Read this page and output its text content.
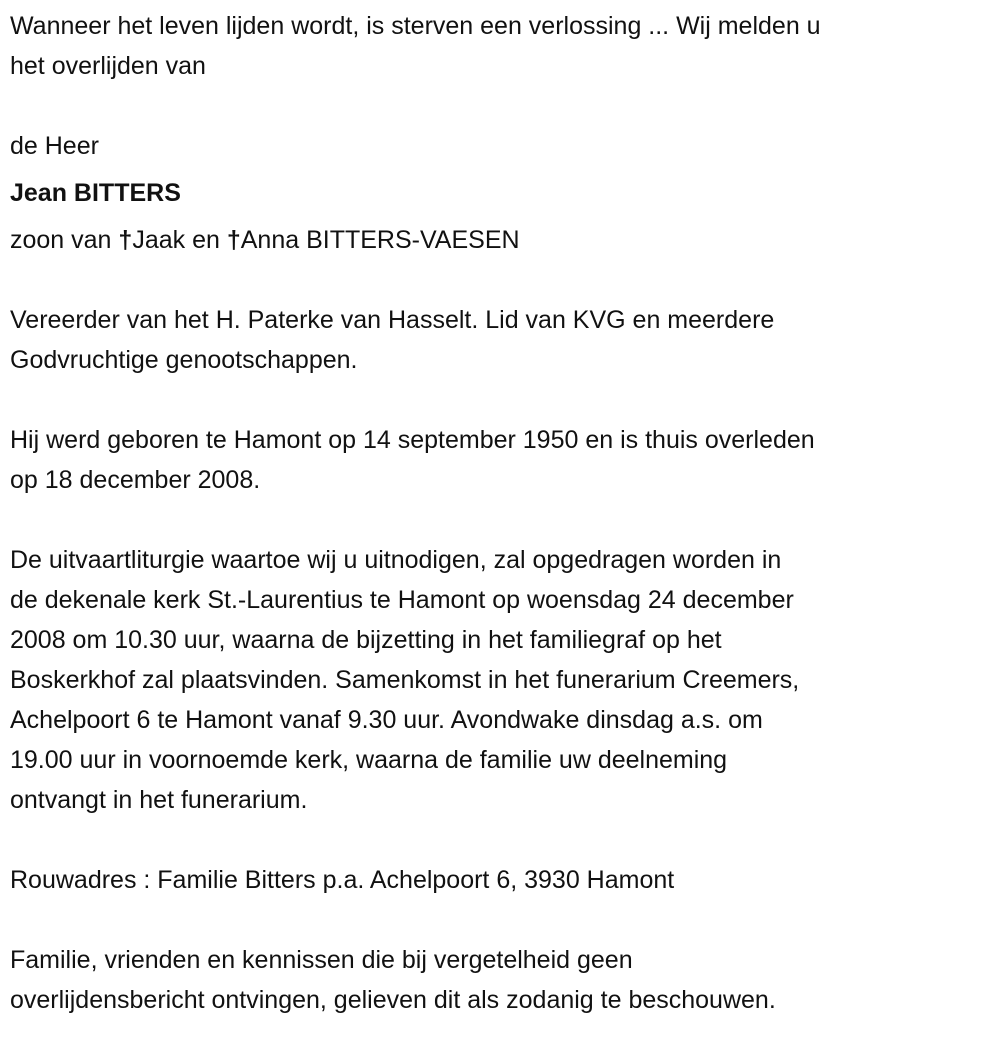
Wanneer het leven lijden wordt, is sterven een verlossing ... Wij melden u
het overlijden van
de Heer
Jean BITTERS
zoon van †Jaak en †Anna BITTERS-VAESEN
Vereerder van het H. Paterke van Hasselt. Lid van KVG en meerdere
Godvruchtige genootschappen.
Hij werd geboren te Hamont op 14 september 1950 en is thuis overleden
op 18 december 2008.
De uitvaartliturgie waartoe wij u uitnodigen, zal opgedragen worden in
de dekenale kerk St.-Laurentius te Hamont op woensdag 24 december
2008 om 10.30 uur, waarna de bijzetting in het familiegraf op het
Boskerkhof zal plaatsvinden. Samenkomst in het funerarium Creemers,
Achelpoort 6 te Hamont vanaf 9.30 uur. Avondwake dinsdag a.s. om
19.00 uur in voornoemde kerk, waarna de familie uw deelneming
ontvangt in het funerarium.
Rouwadres : Familie Bitters p.a. Achelpoort 6, 3930 Hamont
Familie, vrienden en kennissen die bij vergetelheid geen
overlijdensbericht ontvingen, gelieven dit als zodanig te beschouwen.
